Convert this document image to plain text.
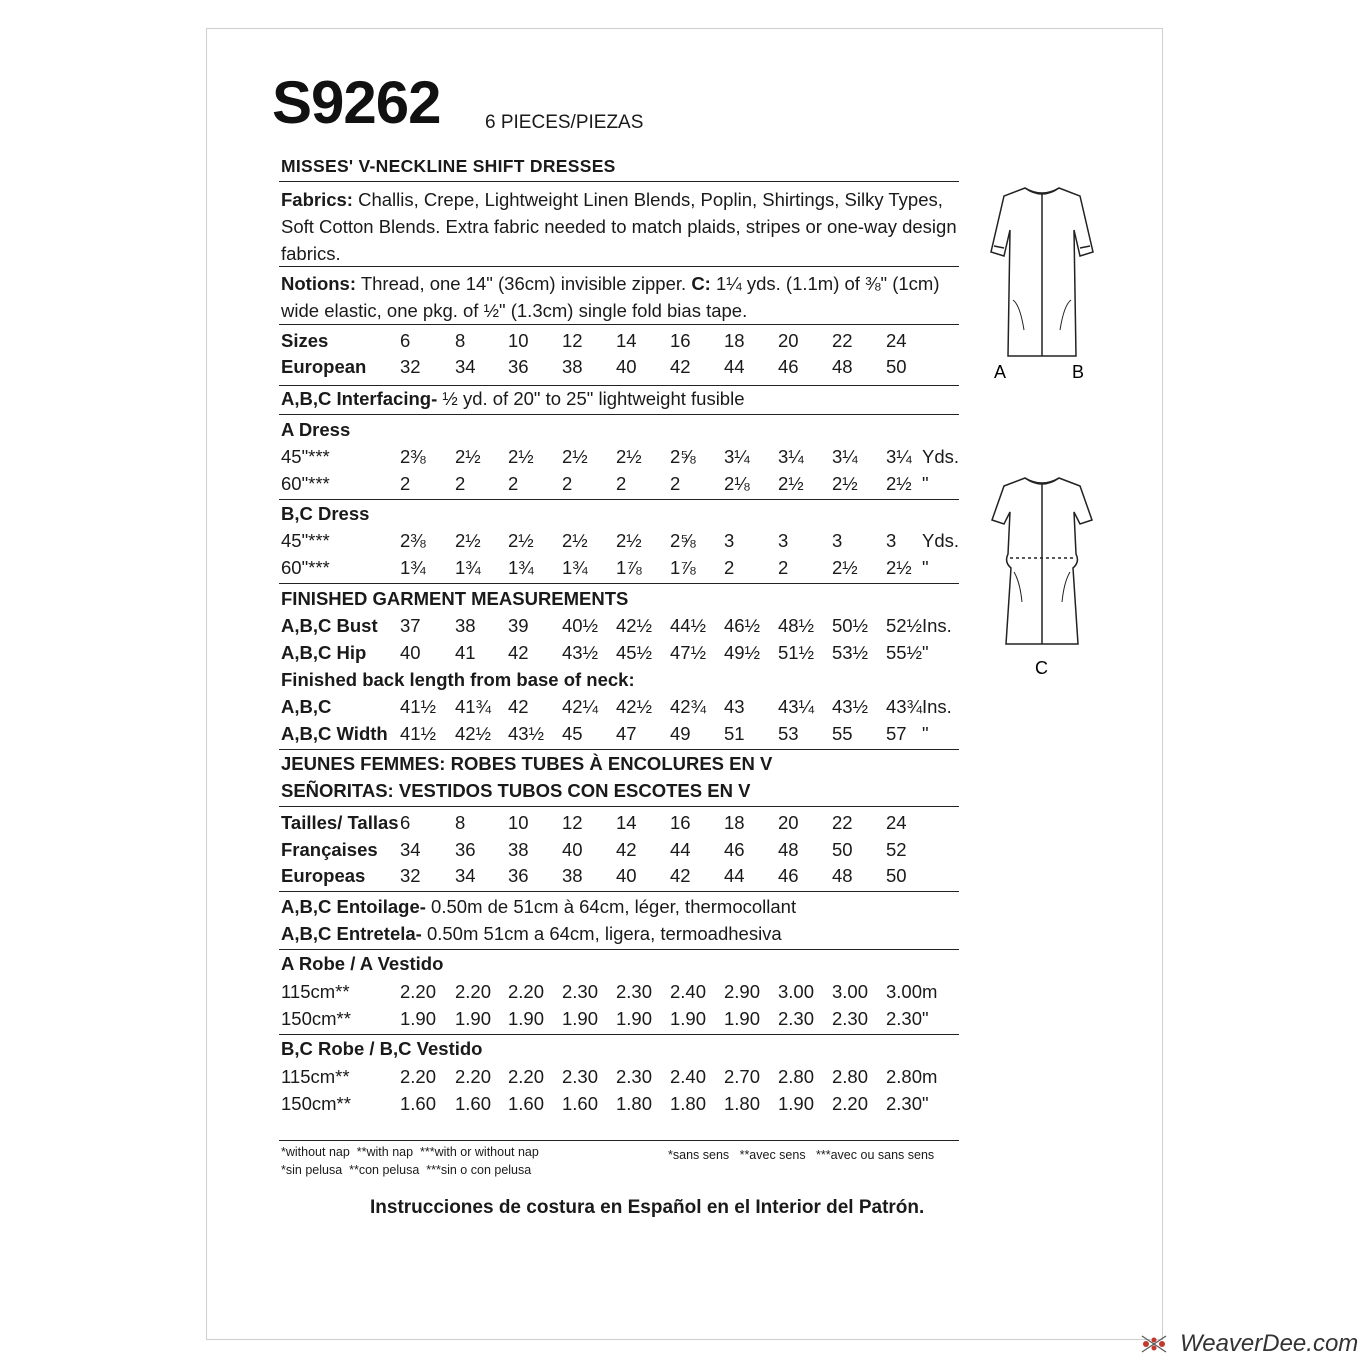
S9262 6 PIECES/PIEZAS
MISSES' V-NECKLINE SHIFT DRESSES
Fabrics: Challis, Crepe, Lightweight Linen Blends, Poplin, Shirtings, Silky Types, Soft Cotton Blends. Extra fabric needed to match plaids, stripes or one-way design fabrics.
Notions: Thread, one 14" (36cm) invisible zipper. C: 1¼ yds. (1.1m) of ⅜" (1cm) wide elastic, one pkg. of ½" (1.3cm) single fold bias tape.
Sizes	6 8 10 12 14 16 18 20 22 24
European 32 34 36 38 40 42 44 46 48 50
A,B,C Interfacing- ½ yd. of 20" to 25" lightweight fusible
A Dress
45"***	2⅜ 2½ 2½ 2½ 2½ 2⅝ 3¼ 3¼ 3¼ 3¼ Yds.
60"***	2 2 2 2 2 2 2⅛ 2½ 2½ 2½ "
B,C Dress
45"***	2⅜ 2½ 2½ 2½ 2½ 2⅝ 3 3 3 3 Yds.
60"***	1¾ 1¾ 1¾ 1¾ 1⅞ 1⅞ 2 2 2½ 2½ "
FINISHED GARMENT MEASUREMENTS
A,B,C Bust 37 38 39 40½ 42½ 44½ 46½ 48½ 50½ 52½ Ins.
A,B,C Hip 40 41 42 43½ 45½ 47½ 49½ 51½ 53½ 55½ "
Finished back length from base of neck:
A,B,C	41½ 41¾ 42 42¼ 42½ 42¾ 43 43¼ 43½ 43¾ Ins.
A,B,C Width 41½ 42½ 43½ 45 47 49 51 53 55 57 "
JEUNES FEMMES: ROBES TUBES À ENCOLURES EN V
SEÑORITAS: VESTIDOS TUBOS CON ESCOTES EN V
Tailles/ Tallas 6 8 10 12 14 16 18 20 22 24
Françaises 34 36 38 40 42 44 46 48 50 52
Europeas 32 34 36 38 40 42 44 46 48 50
A,B,C Entoilage- 0.50m de 51cm à 64cm, léger, thermocollant
A,B,C Entretela- 0.50m 51cm a 64cm, ligera, termoadhesiva
A Robe / A Vestido
115cm**	2.20 2.20 2.20 2.30 2.30 2.40 2.90 3.00 3.00 3.00 m
150cm**	1.90 1.90 1.90 1.90 1.90 1.90 1.90 2.30 2.30 2.30 "
B,C Robe / B,C Vestido
115cm**	2.20 2.20 2.20 2.30 2.30 2.40 2.70 2.80 2.80 2.80 m
150cm**	1.60 1.60 1.60 1.60 1.80 1.80 1.80 1.90 2.20 2.30 "
A	B
C
*without nap **with nap ***with or without nap
*sin pelusa **con pelusa ***sin o con pelusa
*sans sens **avec sens ***avec ou sans sens
Instrucciones de costura en Español en el Interior del Patrón.
WeaverDee.com
